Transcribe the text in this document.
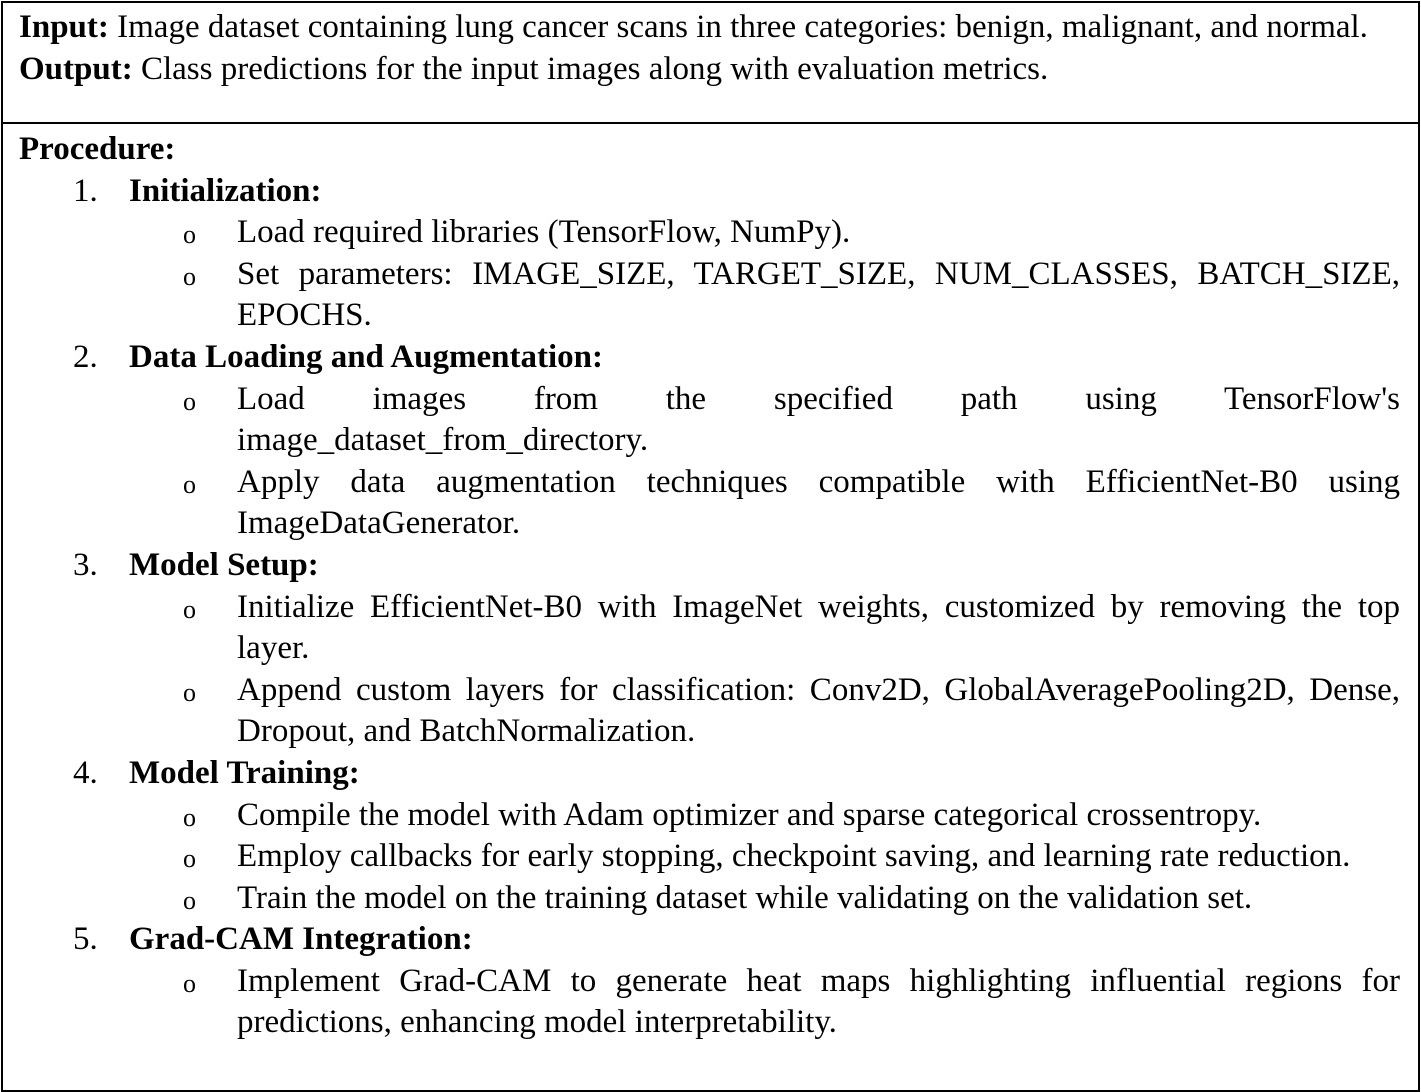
Input: Image dataset containing lung cancer scans in three categories: benign, malignant, and normal.

Output: Class predictions for the input images along with evaluation metrics.

Procedure:

1. Initialization:

o	Load required libraries (TensorFlow, NumPy).
o	Set parameters: IMAGE_SIZE, TARGET_SIZE, NUM_CLASSES, BATCH_SIZE, EPOCHS.

2. Data Loading and Augmentation:

o	Load images from the specified path using TensorFlow's image_dataset_from_directory.
o	Apply data augmentation techniques compatible with EfficientNet-B0 using ImageDataGenerator.

3. Model Setup:

o	Initialize EfficientNet-B0 with ImageNet weights, customized by removing the top layer.
o	Append custom layers for classification: Conv2D, GlobalAveragePooling2D, Dense, Dropout, and BatchNormalization.

4. Model Training:

o	Compile the model with Adam optimizer and sparse categorical crossentropy.
o	Employ callbacks for early stopping, checkpoint saving, and learning rate reduction.
o	Train the model on the training dataset while validating on the validation set.

5. Grad-CAM Integration:

o	Implement Grad-CAM to generate heat maps highlighting influential regions for predictions, enhancing model interpretability.
